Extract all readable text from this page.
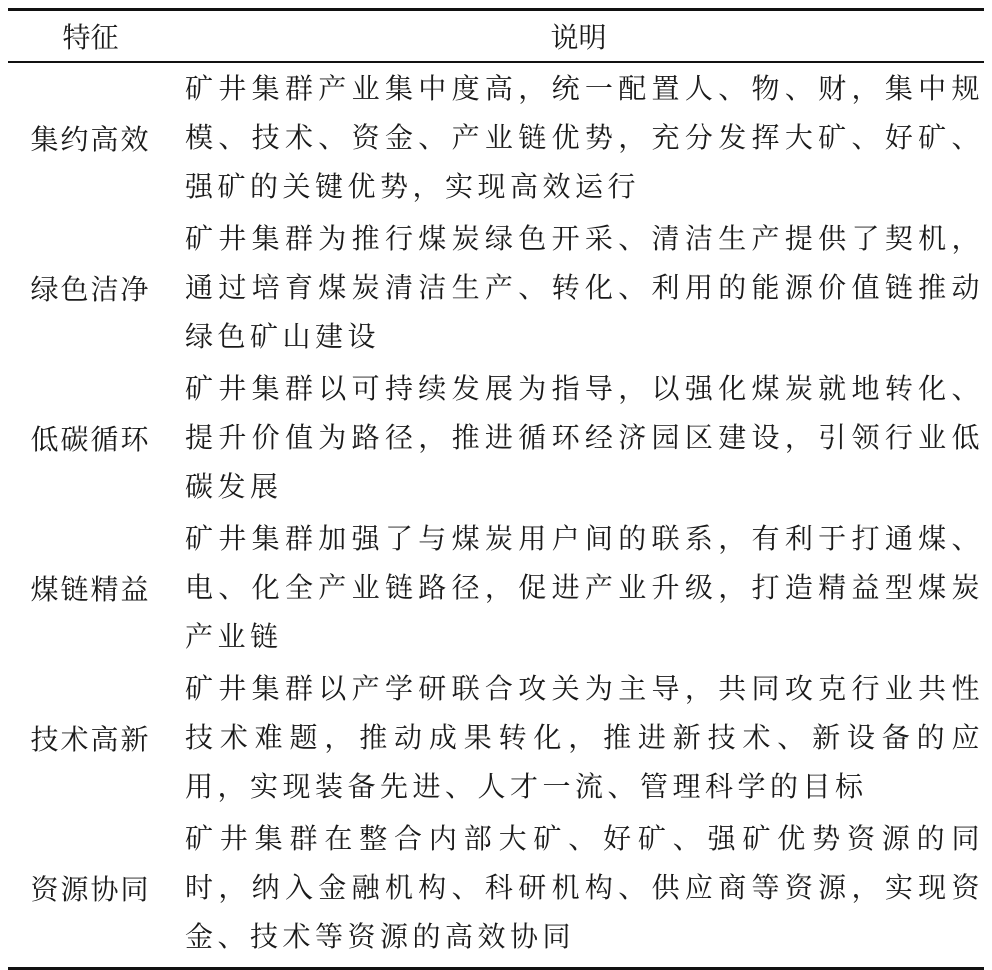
特征	说明
集约高效
矿井集群产业集中度高，统一配置人、物、财，集中规模、技术、资金、产业链优势，充分发挥大矿、好矿、强矿的关键优势，实现高效运行
绿色洁净
矿井集群为推行煤炭绿色开采、清洁生产提供了契机，通过培育煤炭清洁生产、转化、利用的能源价值链推动绿色矿山建设
低碳循环
矿井集群以可持续发展为指导，以强化煤炭就地转化、提升价值为路径，推进循环经济园区建设，引领行业低碳发展
煤链精益
矿井集群加强了与煤炭用户间的联系，有利于打通煤、电、化全产业链路径，促进产业升级，打造精益型煤炭产业链
技术高新
矿井集群以产学研联合攻关为主导，共同攻克行业共性技术难题，推动成果转化，推进新技术、新设备的应用，实现装备先进、人才一流、管理科学的目标
资源协同
矿井集群在整合内部大矿、好矿、强矿优势资源的同时，纳入金融机构、科研机构、供应商等资源，实现资金、技术等资源的高效协同
